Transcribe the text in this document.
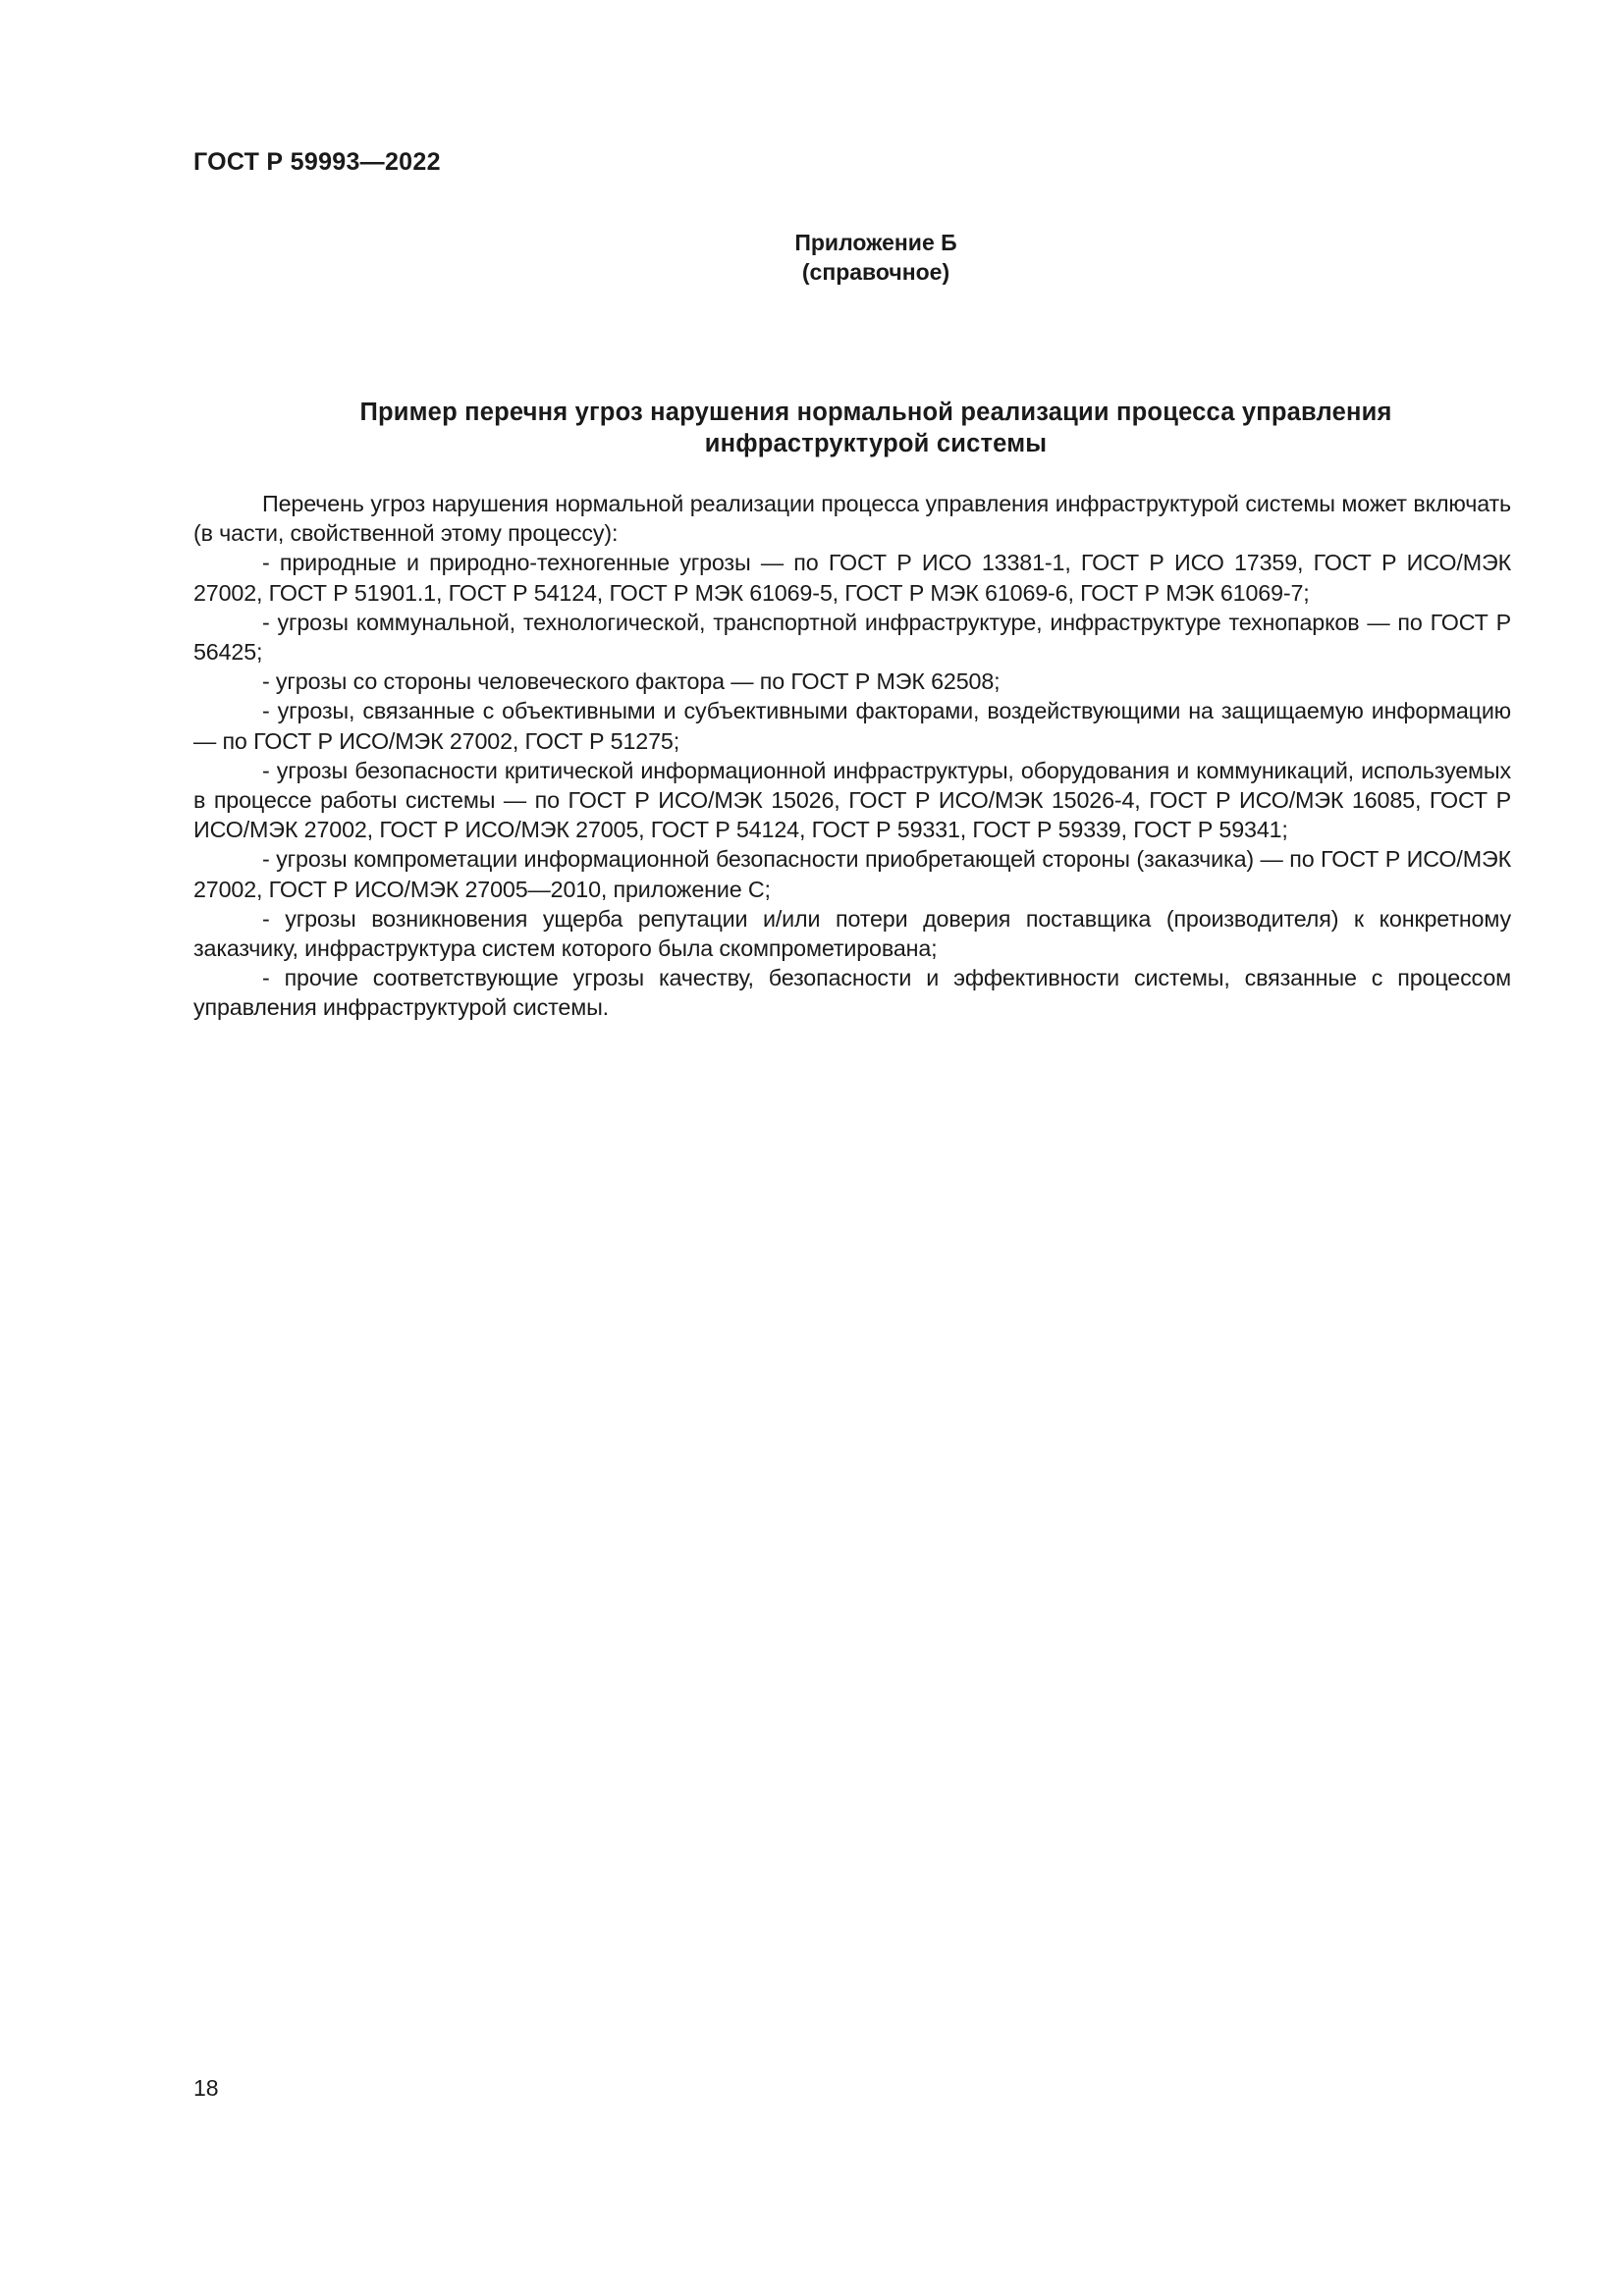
ГОСТ Р 59993—2022
Приложение Б
(справочное)
Пример перечня угроз нарушения нормальной реализации процесса управления
инфраструктурой системы

Перечень угроз нарушения нормальной реализации процесса управления инфраструктурой системы может включать (в части, свойственной этому процессу):

- природные и природно-техногенные угрозы — по ГОСТ Р ИСО 13381-1, ГОСТ Р ИСО 17359, ГОСТ Р ИСО/МЭК 27002, ГОСТ Р 51901.1, ГОСТ Р 54124, ГОСТ Р МЭК 61069-5, ГОСТ Р МЭК 61069-6, ГОСТ Р МЭК 61069-7;

- угрозы коммунальной, технологической, транспортной инфраструктуре, инфраструктуре технопарков — по ГОСТ Р 56425;

- угрозы со стороны человеческого фактора — по ГОСТ Р МЭК 62508;

- угрозы, связанные с объективными и субъективными факторами, воздействующими на защищаемую информацию — по ГОСТ Р ИСО/МЭК 27002, ГОСТ Р 51275;

- угрозы безопасности критической информационной инфраструктуры, оборудования и коммуникаций, используемых в процессе работы системы — по ГОСТ Р ИСО/МЭК 15026, ГОСТ Р ИСО/МЭК 15026-4, ГОСТ Р ИСО/МЭК 16085, ГОСТ Р ИСО/МЭК 27002, ГОСТ Р ИСО/МЭК 27005, ГОСТ Р 54124, ГОСТ Р 59331, ГОСТ Р 59339, ГОСТ Р 59341;

- угрозы компрометации информационной безопасности приобретающей стороны (заказчика) — по ГОСТ Р ИСО/МЭК 27002, ГОСТ Р ИСО/МЭК 27005—2010, приложение С;

- угрозы возникновения ущерба репутации и/или потери доверия поставщика (производителя) к конкретному заказчику, инфраструктура систем которого была скомпрометирована;

- прочие соответствующие угрозы качеству, безопасности и эффективности системы, связанные с процессом управления инфраструктурой системы.

18
